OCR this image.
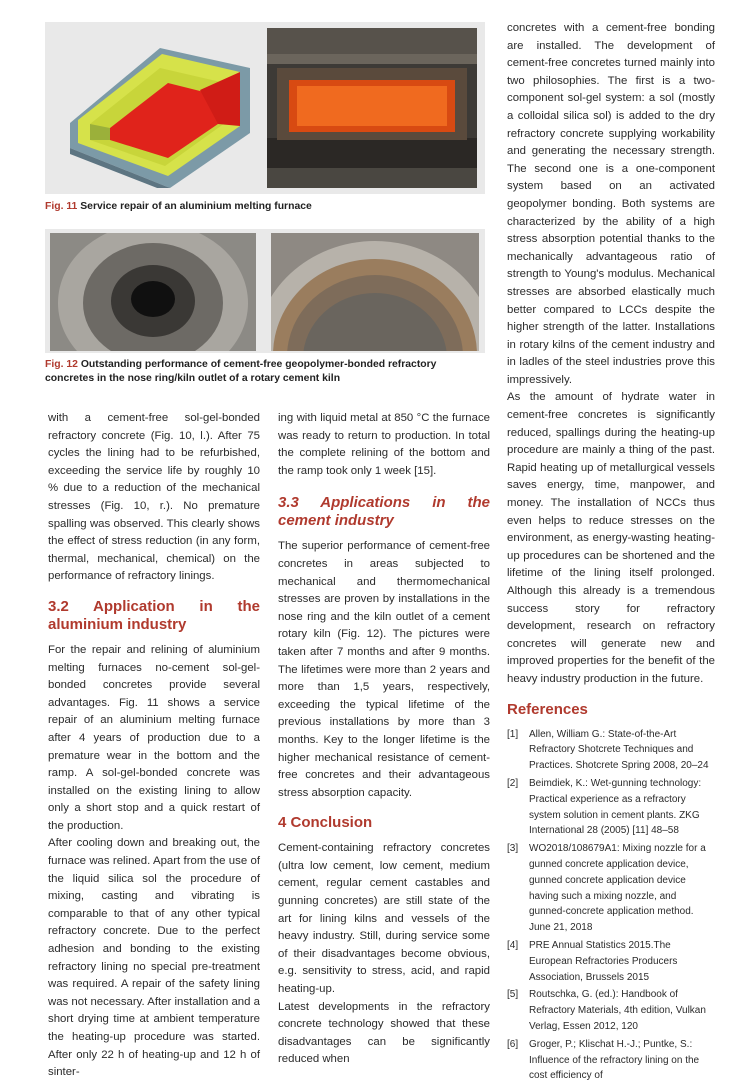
Fig. 11 Service repair of an aluminium melting furnace
Fig. 12 Outstanding performance of cement-free geopolymer-bonded refractory concretes in the nose ring/kiln outlet of a rotary cement kiln

with a cement-free sol-gel-bonded refractory concrete (Fig. 10, l.). After 75 cycles the lining had to be refurbished, exceeding the service life by roughly 10 % due to a reduction of the mechanical stresses (Fig. 10, r.). No premature spalling was observed. This clearly shows the effect of stress reduction (in any form, thermal, mechanical, chemical) on the performance of refractory linings.

3.2 Application in the aluminium industry

For the repair and relining of aluminium melting furnaces no-cement sol-gel-bonded concretes provide several advantages. Fig. 11 shows a service repair of an aluminium melting furnace after 4 years of production due to a premature wear in the bottom and the ramp. A sol-gel-bonded concrete was installed on the existing lining to allow only a short stop and a quick restart of the production.

After cooling down and breaking out, the furnace was relined. Apart from the use of the liquid silica sol the procedure of mixing, casting and vibrating is comparable to that of any other typical refractory concrete. Due to the perfect adhesion and bonding to the existing refractory lining no special pre-treatment was required. A repair of the safety lining was not necessary. After installation and a short drying time at ambient temperature the heating-up procedure was started. After only 22 h of heating-up and 12 h of sinter-

ing with liquid metal at 850 °C the furnace was ready to return to production. In total the complete relining of the bottom and the ramp took only 1 week [15].

3.3 Applications in the cement industry

The superior performance of cement-free concretes in areas subjected to mechanical and thermomechanical stresses are proven by installations in the nose ring and the kiln outlet of a cement rotary kiln (Fig. 12). The pictures were taken after 7 months and after 9 months. The lifetimes were more than 2 years and more than 1,5 years, respectively, exceeding the typical lifetime of the previous installations by more than 3 months. Key to the longer lifetime is the higher mechanical resistance of cement-free concretes and their advantageous stress absorption capacity.

4 Conclusion

Cement-containing refractory concretes (ultra low cement, low cement, medium cement, regular cement castables and gunning concretes) are still state of the art for lining kilns and vessels of the heavy industry. Still, during service some of their disadvantages become obvious, e.g. sensitivity to stress, acid, and rapid heating-up.

Latest developments in the refractory concrete technology showed that these disadvantages can be significantly reduced when

concretes with a cement-free bonding are installed. The development of cement-free concretes turned mainly into two philosophies. The first is a two-component sol-gel system: a sol (mostly a colloidal silica sol) is added to the dry refractory concrete supplying workability and generating the necessary strength. The second one is a one-component system based on an activated geopolymer bonding. Both systems are characterized by the ability of a high stress absorption potential thanks to the mechanically advantageous ratio of strength to Young's modulus. Mechanical stresses are absorbed elastically much better compared to LCCs despite the higher strength of the latter. Installations in rotary kilns of the cement industry and in ladles of the steel industries prove this impressively.

As the amount of hydrate water in cement-free concretes is significantly reduced, spallings during the heating-up procedure are mainly a thing of the past. Rapid heating up of metallurgical vessels saves energy, time, manpower, and money. The installation of NCCs thus even helps to reduce stresses on the environment, as energy-wasting heating-up procedures can be shortened and the lifetime of the lining itself prolonged. Although this already is a tremendous success story for refractory development, research on refractory concretes will generate new and improved properties for the benefit of the heavy industry production in the future.

References
[1]	Allen, William G.: State-of-the-Art Refractory Shotcrete Techniques and Practices. Shotcrete Spring 2008, 20–24
[2]	Beimdiek, K.: Wet-gunning technology: Practical experience as a refractory system solution in cement plants. ZKG International 28 (2005) [11] 48–58
[3]	WO2018/108679A1: Mixing nozzle for a gunned concrete application device, gunned concrete application device having such a mixing nozzle, and gunned-concrete application method. June 21, 2018
[4]	PRE Annual Statistics 2015.The European Refractories Producers Association, Brussels 2015
[5]	Routschka, G. (ed.): Handbook of Refractory Materials, 4th edition, Vulkan Verlag, Essen 2012, 120
[6]	Groger, P.; Klischat H.-J.; Puntke, S.: Influence of the refractory lining on the cost efficiency of
